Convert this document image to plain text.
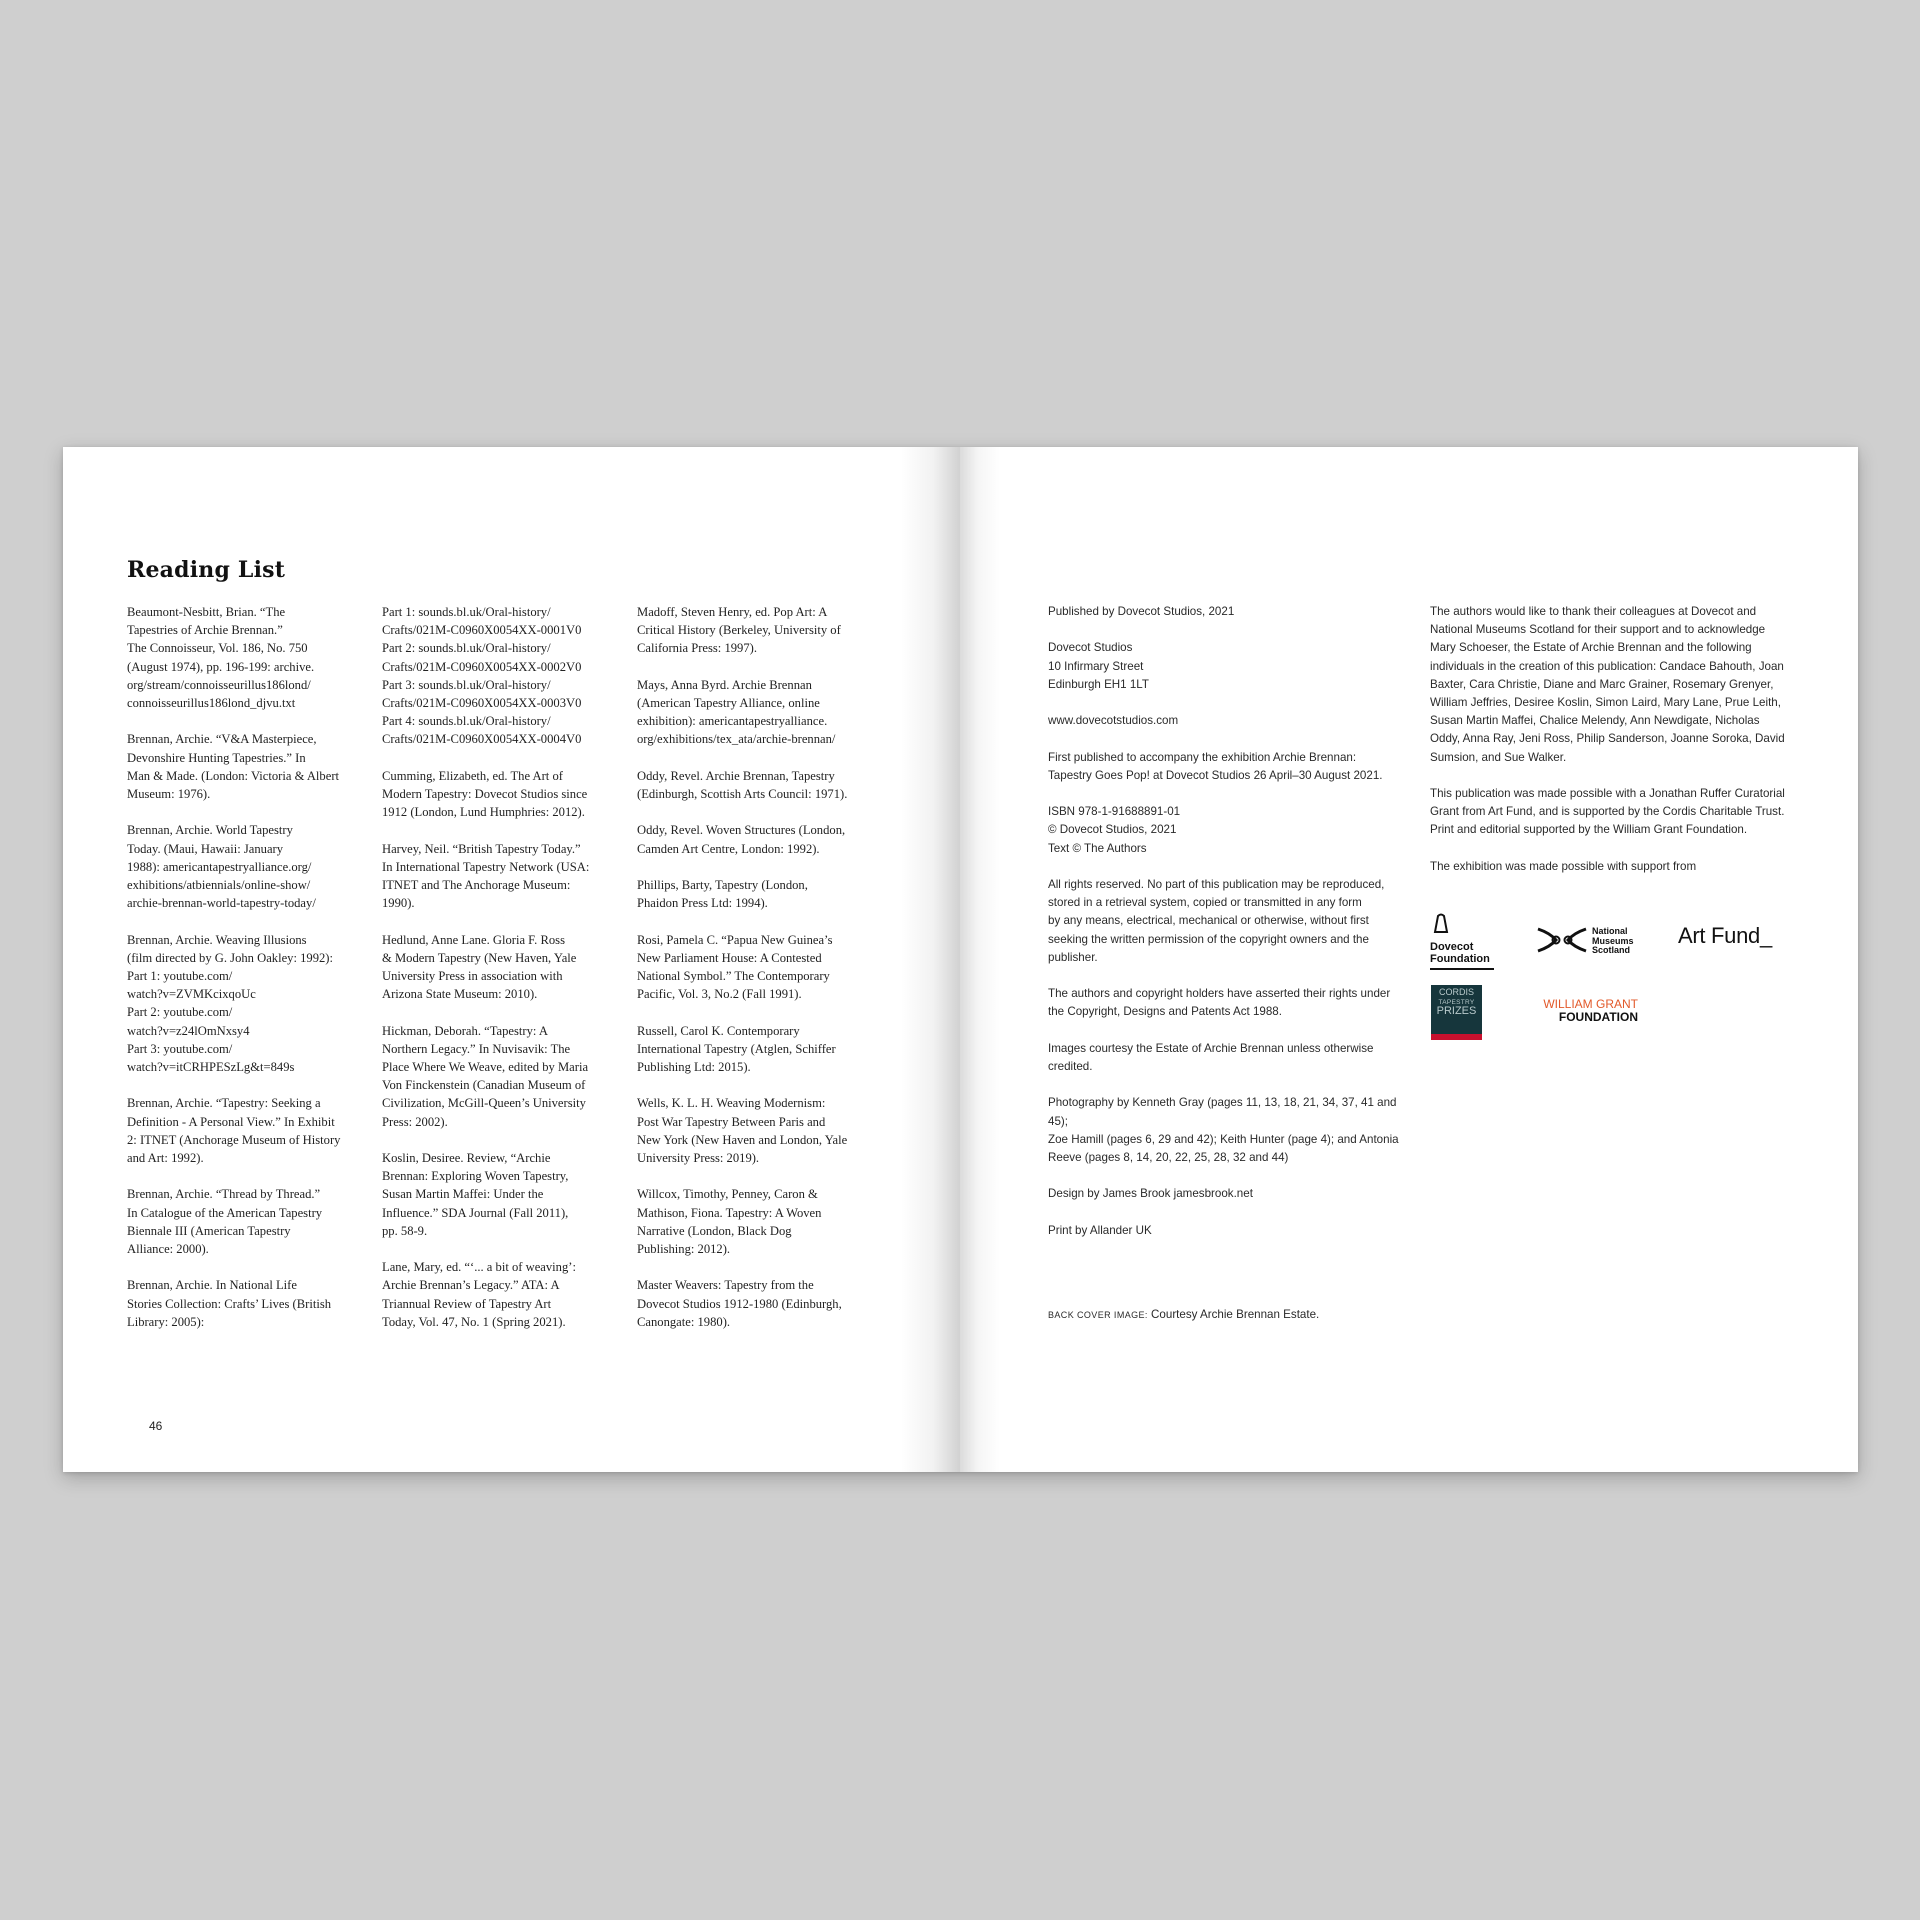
Reading List
Beaumont-Nesbitt, Brian. “The
Tapestries of Archie Brennan.”
The Connoisseur, Vol. 186, No. 750
(August 1974), pp. 196-199: archive.
org/stream/connoisseurillus186lond/
connoisseurillus186lond_djvu.txt
Brennan, Archie. “V&A Masterpiece,
Devonshire Hunting Tapestries.” In
Man & Made. (London: Victoria & Albert
Museum: 1976).
Brennan, Archie. World Tapestry
Today. (Maui, Hawaii: January
1988): americantapestryalliance.org/
exhibitions/atbiennials/online-show/
archie-brennan-world-tapestry-today/
Brennan, Archie. Weaving Illusions
(film directed by G. John Oakley: 1992):
Part 1: youtube.com/
watch?v=ZVMKcixqoUc
Part 2: youtube.com/
watch?v=z24lOmNxsy4
Part 3: youtube.com/
watch?v=itCRHPESzLg&t=849s
Brennan, Archie. “Tapestry: Seeking a
Definition - A Personal View.” In Exhibit
2: ITNET (Anchorage Museum of History
and Art: 1992).
Brennan, Archie. “Thread by Thread.”
In Catalogue of the American Tapestry
Biennale III (American Tapestry
Alliance: 2000).
Brennan, Archie. In National Life
Stories Collection: Crafts’ Lives (British
Library: 2005):
Part 1: sounds.bl.uk/Oral-history/
Crafts/021M-C0960X0054XX-0001V0
Part 2: sounds.bl.uk/Oral-history/
Crafts/021M-C0960X0054XX-0002V0
Part 3: sounds.bl.uk/Oral-history/
Crafts/021M-C0960X0054XX-0003V0
Part 4: sounds.bl.uk/Oral-history/
Crafts/021M-C0960X0054XX-0004V0
Cumming, Elizabeth, ed. The Art of
Modern Tapestry: Dovecot Studios since
1912 (London, Lund Humphries: 2012).
Harvey, Neil. “British Tapestry Today.”
In International Tapestry Network (USA:
ITNET and The Anchorage Museum:
1990).
Hedlund, Anne Lane. Gloria F. Ross
& Modern Tapestry (New Haven, Yale
University Press in association with
Arizona State Museum: 2010).
Hickman, Deborah. “Tapestry: A
Northern Legacy.” In Nuvisavik: The
Place Where We Weave, edited by Maria
Von Finckenstein (Canadian Museum of
Civilization, McGill-Queen’s University
Press: 2002).
Koslin, Desiree. Review, “Archie
Brennan: Exploring Woven Tapestry,
Susan Martin Maffei: Under the
Influence.” SDA Journal (Fall 2011),
pp. 58-9.
Lane, Mary, ed. “‘... a bit of weaving’:
Archie Brennan’s Legacy.” ATA: A
Triannual Review of Tapestry Art
Today, Vol. 47, No. 1 (Spring 2021).
Madoff, Steven Henry, ed. Pop Art: A
Critical History (Berkeley, University of
California Press: 1997).
Mays, Anna Byrd. Archie Brennan
(American Tapestry Alliance, online
exhibition): americantapestryalliance.
org/exhibitions/tex_ata/archie-brennan/
Oddy, Revel. Archie Brennan, Tapestry
(Edinburgh, Scottish Arts Council: 1971).
Oddy, Revel. Woven Structures (London,
Camden Art Centre, London: 1992).
Phillips, Barty, Tapestry (London,
Phaidon Press Ltd: 1994).
Rosi, Pamela C. “Papua New Guinea’s
New Parliament House: A Contested
National Symbol.” The Contemporary
Pacific, Vol. 3, No.2 (Fall 1991).
Russell, Carol K. Contemporary
International Tapestry (Atglen, Schiffer
Publishing Ltd: 2015).
Wells, K. L. H. Weaving Modernism:
Post War Tapestry Between Paris and
New York (New Haven and London, Yale
University Press: 2019).
Willcox, Timothy, Penney, Caron &
Mathison, Fiona. Tapestry: A Woven
Narrative (London, Black Dog
Publishing: 2012).
Master Weavers: Tapestry from the
Dovecot Studios 1912-1980 (Edinburgh,
Canongate: 1980).
46
Published by Dovecot Studios, 2021
Dovecot Studios
10 Infirmary Street
Edinburgh EH1 1LT
www.dovecotstudios.com
First published to accompany the exhibition Archie Brennan:
Tapestry Goes Pop! at Dovecot Studios 26 April–30 August 2021.

ISBN 978-1-91688891-01
© Dovecot Studios, 2021
Text © The Authors
All rights reserved. No part of this publication may be reproduced,
stored in a retrieval system, copied or transmitted in any form
by any means, electrical, mechanical or otherwise, without first
seeking the written permission of the copyright owners and the
publisher.
The authors and copyright holders have asserted their rights under
the Copyright, Designs and Patents Act 1988.
Images courtesy the Estate of Archie Brennan unless otherwise
credited.
Photography by Kenneth Gray (pages 11, 13, 18, 21, 34, 37, 41 and 45);
Zoe Hamill (pages 6, 29 and 42); Keith Hunter (page 4); and Antonia
Reeve (pages 8, 14, 20, 22, 25, 28, 32 and 44)
Design by James Brook jamesbrook.net
Print by Allander UK
BACK COVER IMAGE: Courtesy Archie Brennan Estate.
The authors would like to thank their colleagues at Dovecot and National Museums Scotland for their support and to acknowledge Mary Schoeser, the Estate of Archie Brennan and the following individuals in the creation of this publication: Candace Bahouth, Joan Baxter, Cara Christie, Diane and Marc Grainer, Rosemary Grenyer, William Jeffries, Desiree Koslin, Simon Laird, Mary Lane, Prue Leith, Susan Martin Maffei, Chalice Melendy, Ann Newdigate, Nicholas Oddy, Anna Ray, Jeni Ross, Philip Sanderson, Joanne Soroka, David Sumsion, and Sue Walker.
This publication was made possible with a Jonathan Ruffer Curatorial Grant from Art Fund, and is supported by the Cordis Charitable Trust. Print and editorial supported by the William Grant Foundation.
The exhibition was made possible with support from
Dovecot
Foundation
National
Museums
Scotland
Art Fund_
CORDIS
TAPESTRY
PRIZES
WILLIAM GRANT
FOUNDATION
